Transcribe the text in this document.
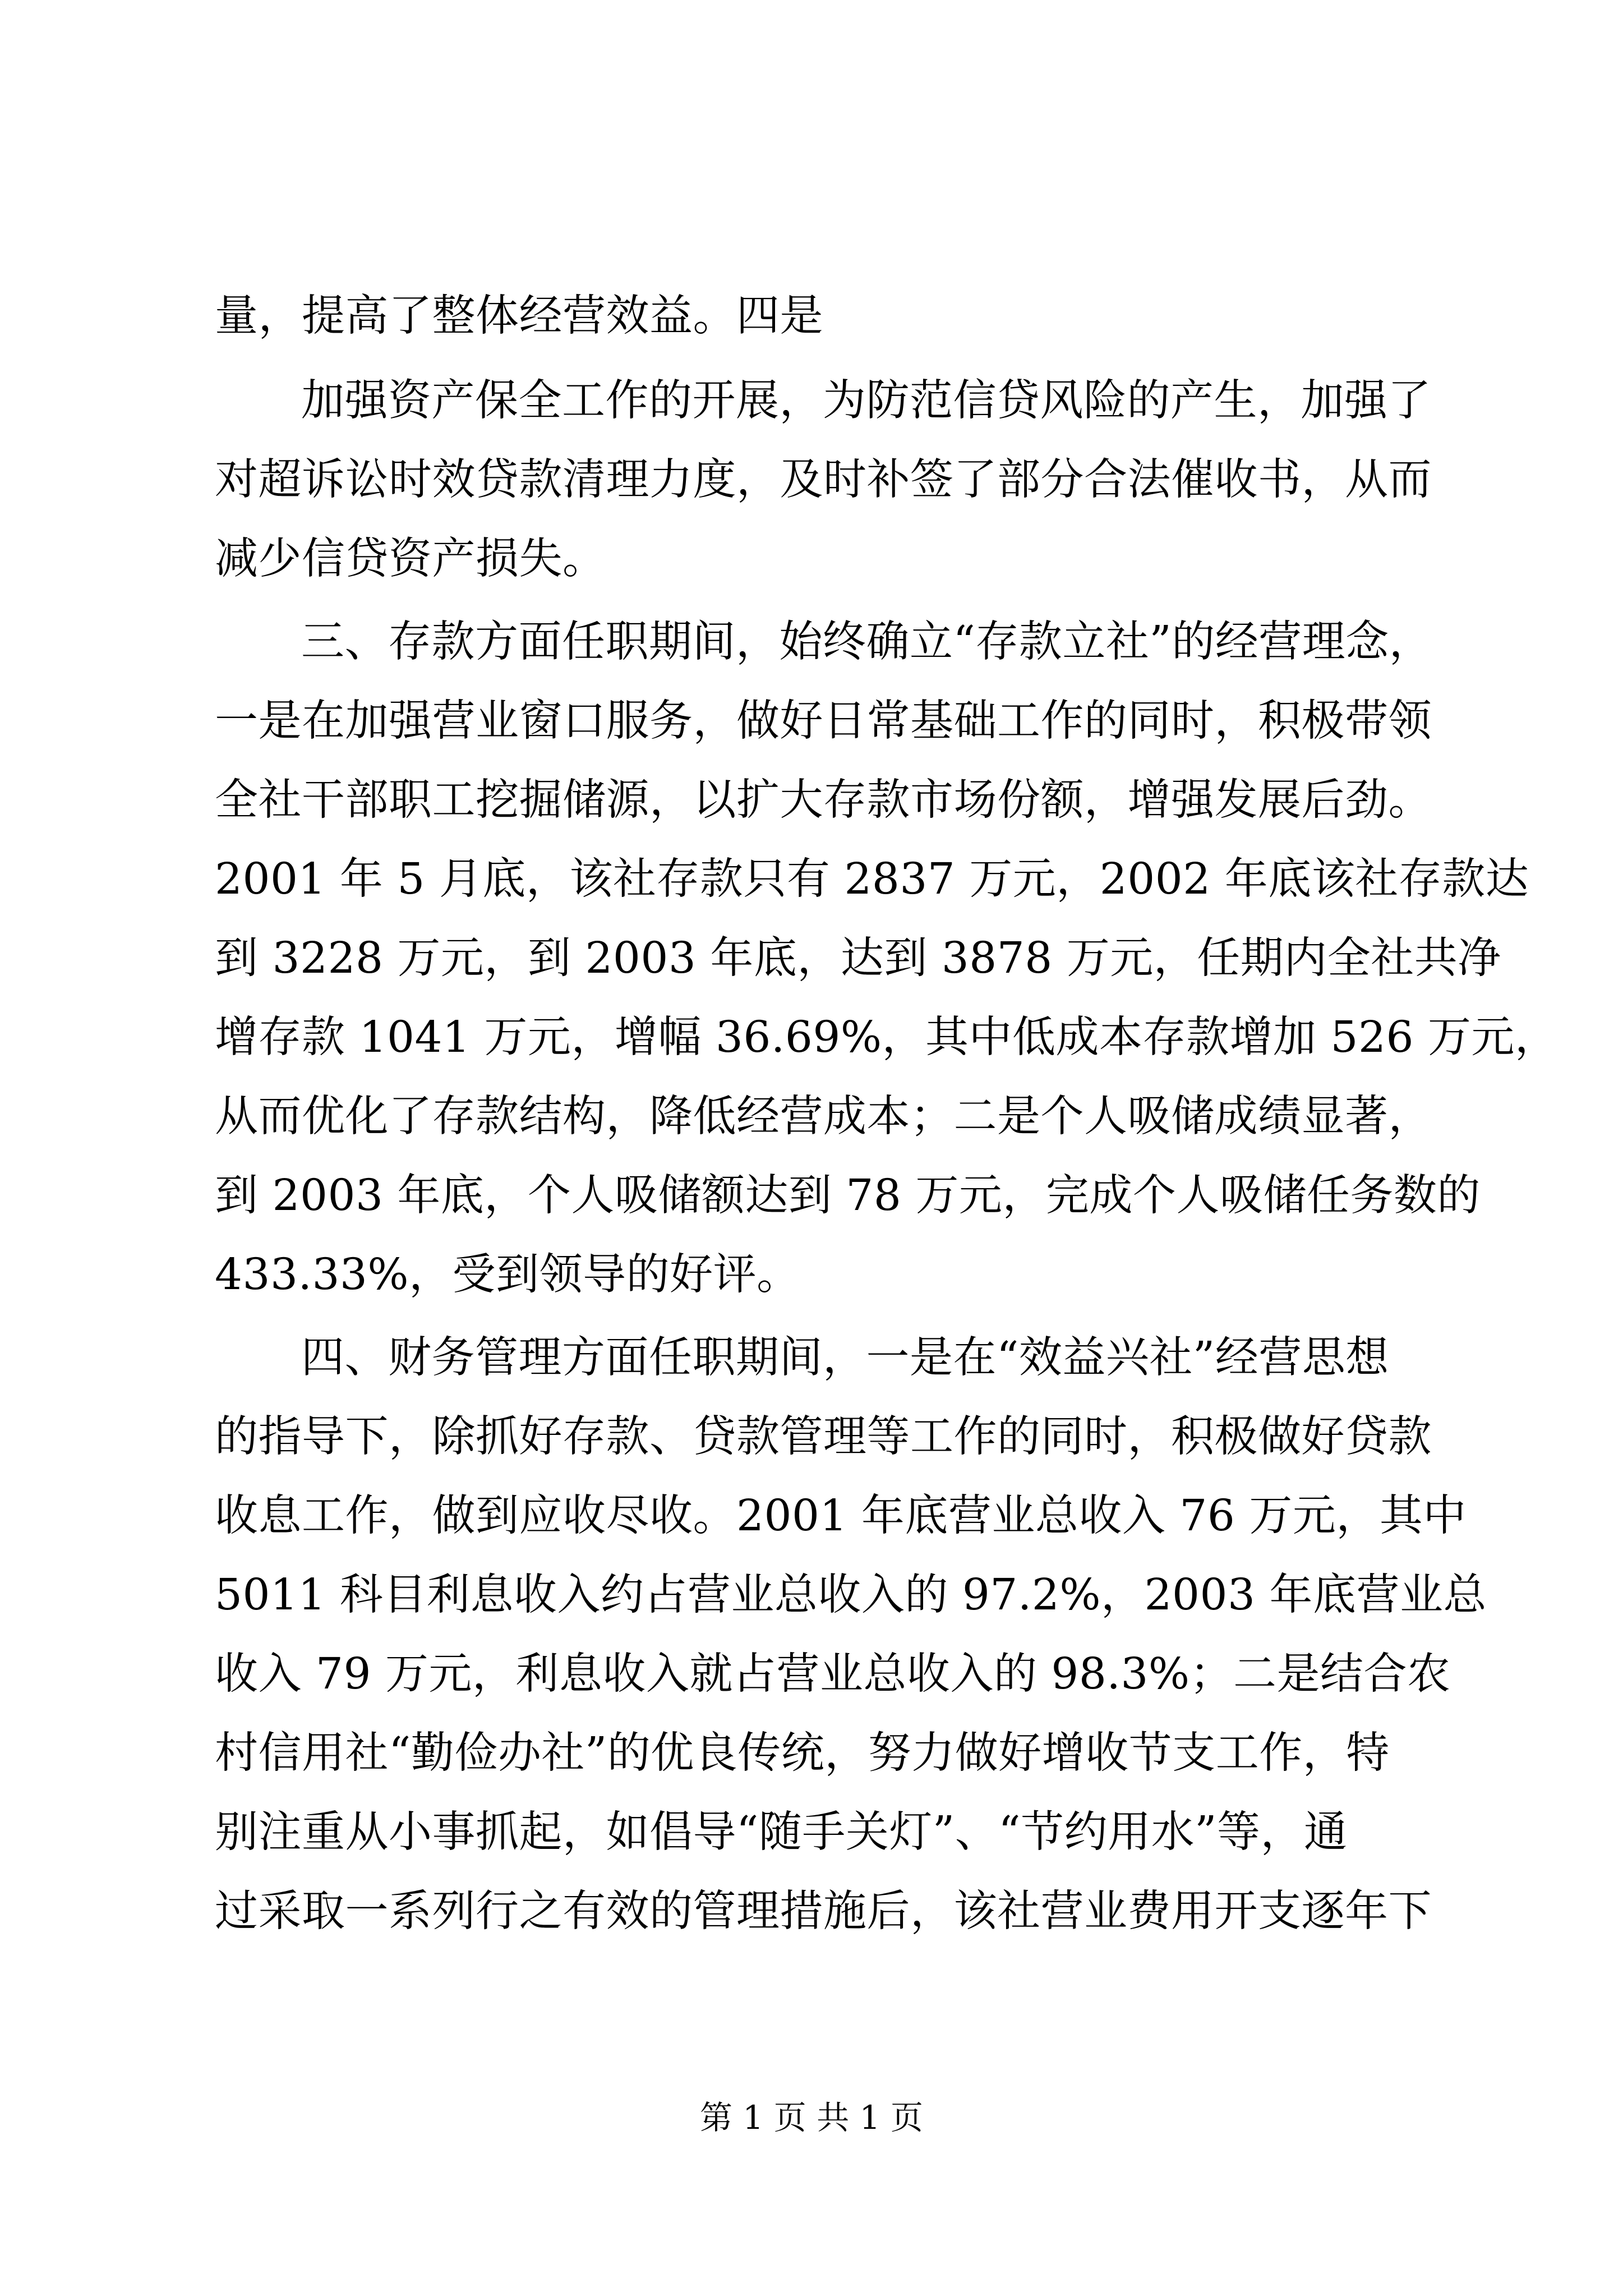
量，提高了整体经营效益。四是

加强资产保全工作的开展，为防范信贷风险的产生，加强了

对超诉讼时效贷款清理力度，及时补签了部分合法催收书，从而

减少信贷资产损失。

三、存款方面任职期间，始终确立“存款立社”的经营理念，

一是在加强营业窗口服务，做好日常基础工作的同时，积极带领

全社干部职工挖掘储源，以扩大存款市场份额，增强发展后劲。

2001 年 5 月底，该社存款只有 2837 万元，2002 年底该社存款达

到 3228 万元，到 2003 年底，达到 3878 万元，任期内全社共净

增存款 1041 万元，增幅 36.69%，其中低成本存款增加 526 万元，

从而优化了存款结构，降低经营成本；二是个人吸储成绩显著，

到 2003 年底，个人吸储额达到 78 万元，完成个人吸储任务数的

433.33%，受到领导的好评。

四、财务管理方面任职期间，一是在“效益兴社”经营思想

的指导下，除抓好存款、贷款管理等工作的同时，积极做好贷款

收息工作，做到应收尽收。2001 年底营业总收入 76 万元，其中

5011 科目利息收入约占营业总收入的 97.2%，2003 年底营业总

收入 79 万元，利息收入就占营业总收入的 98.3%；二是结合农

村信用社“勤俭办社”的优良传统，努力做好增收节支工作，特

别注重从小事抓起，如倡导“随手关灯”、“节约用水”等，通

过采取一系列行之有效的管理措施后，该社营业费用开支逐年下

第 1 页 共 1 页
